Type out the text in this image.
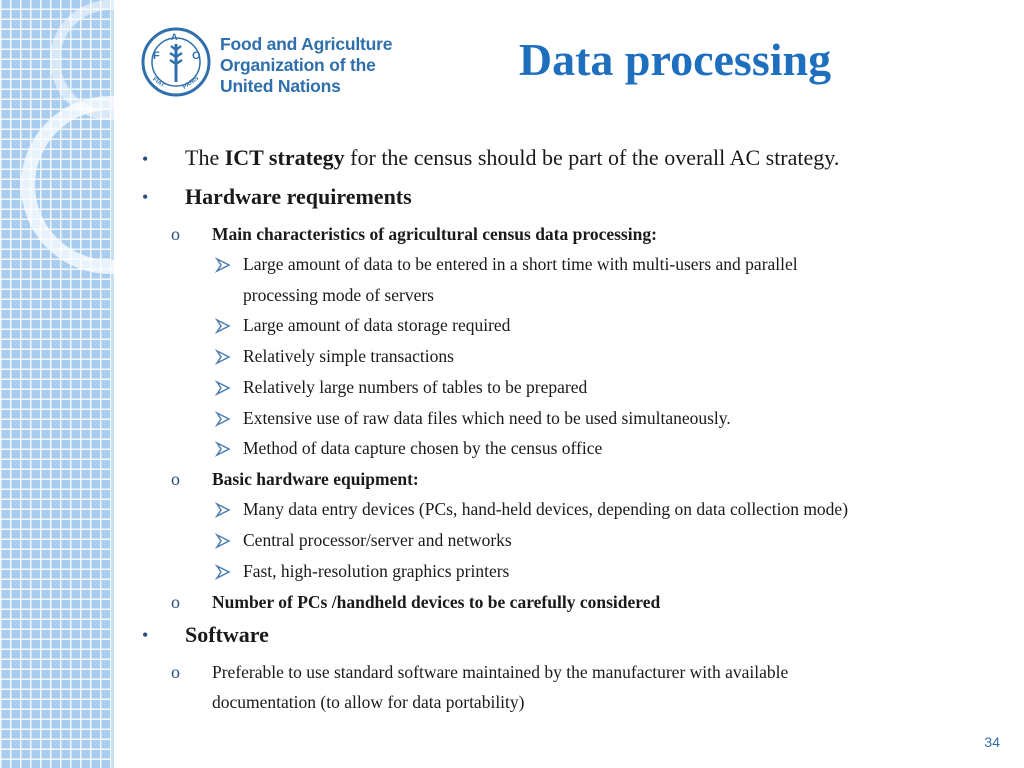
F
A
O
FIAT	PANIS

Food and Agriculture
Organization of the
United Nations

Data processing
• The ICT strategy for the census should be part of the overall AC strategy.
• Hardware requirements
o Main characteristics of agricultural census data processing:
Large amount of data to be entered in a short time with multi-users and parallel
processing mode of servers
Large amount of data storage required
Relatively simple transactions
Relatively large numbers of tables to be prepared
Extensive use of raw data files which need to be used simultaneously.
Method of data capture chosen by the census office
o Basic hardware equipment:
Many data entry devices (PCs, hand-held devices, depending on data collection mode)
Central processor/server and networks
Fast, high-resolution graphics printers
o Number of PCs /handheld devices to be carefully considered
• Software
o Preferable to use standard software maintained by the manufacturer with available
documentation (to allow for data portability)
34
